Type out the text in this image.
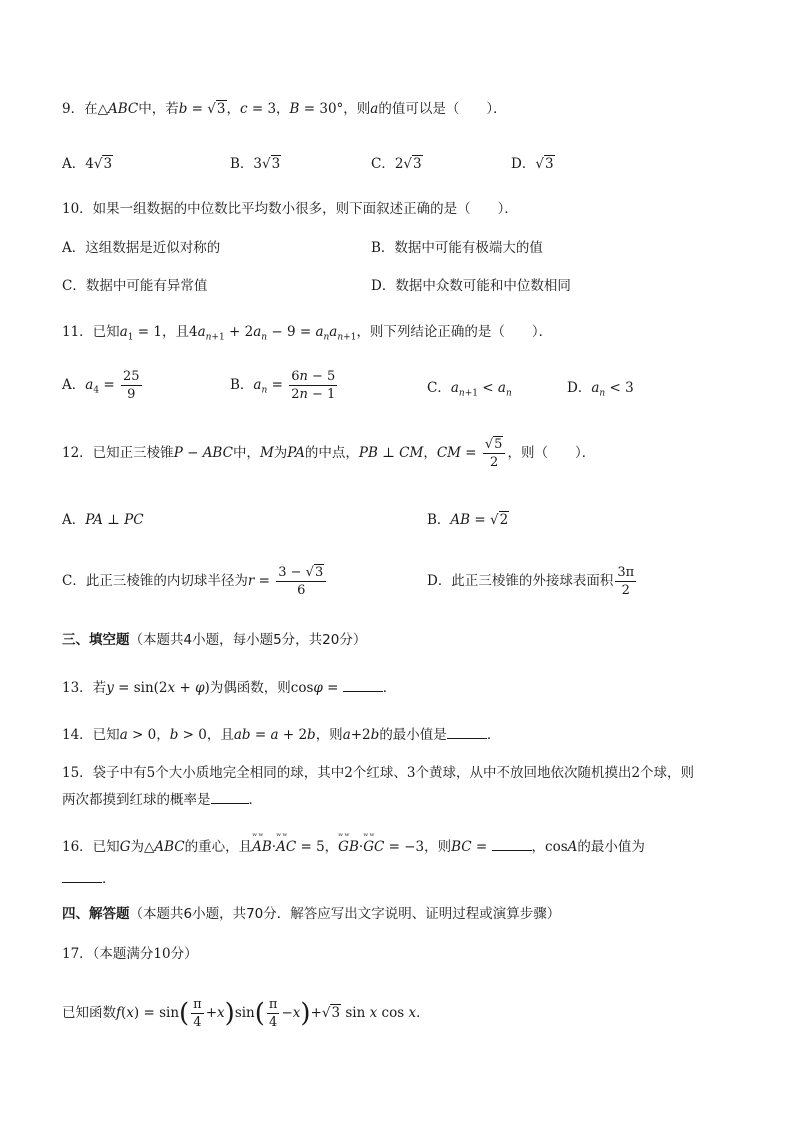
9．在△ABC中，若b = √3，c = 3，B = 30°，则a的值可以是（　　）．
A．4√3	B．3√3	C．2√3	D．√3
10．如果一组数据的中位数比平均数小很多，则下面叙述正确的是（　　）．
A．这组数据是近似对称的	B．数据中可能有极端大的值
C．数据中可能有异常值	D．数据中众数可能和中位数相同
11．已知$a_1 = 1$，且$4a_{n+1} + 2a_n - 9 = a_na_{n+1}$，则下列结论正确的是（　　）．
A．$a_4 = \frac{25}{9}$	B．$a_n = \frac{6n - 5}{2n - 1}$	C．$a_{n+1} < a_n$	D．$a_n < 3$
12．已知正三棱锥P − ABC中，M为PA的中点，PB ⊥ CM，CM = $\frac{√5}{2}$ ，则（　　）．
A．PA ⊥ PC	B．AB = √2
C．此正三棱锥的内切球半径为$r = \frac{3 - √3}{6}$	D．此正三棱锥的外接球表面积 $\frac{3\pi}{2}$
三、填空题（本题共4小题，每小题5分，共20分）
13．若y = sin(2x + φ)为偶函数，则cosφ =	．
14．已知a > 0，b > 0，且ab = a + 2b，则a+2b的最小值是	．
15．袋子中有5个大小质地完全相同的球，其中2个红球、3个黄球，从中不放回地依次随机摸出2个球，则
两次都摸到红球的概率是	．
16．已知G为△ABC的重心，且ʷʷ AB·ʷʷ AC = 5，ʷʷ GB·ʷʷ GC = −3，则BC =	，cosA的最小值为
．
四、解答题（本题共6小题，共70分．解答应写出文字说明、证明过程或演算步骤）
17．（本题满分10分）
已知函数$f(x) = \sin( \frac{\pi}{4} +x)\sin( \frac{\pi}{4} -x)+√3$ sin x cos x．
